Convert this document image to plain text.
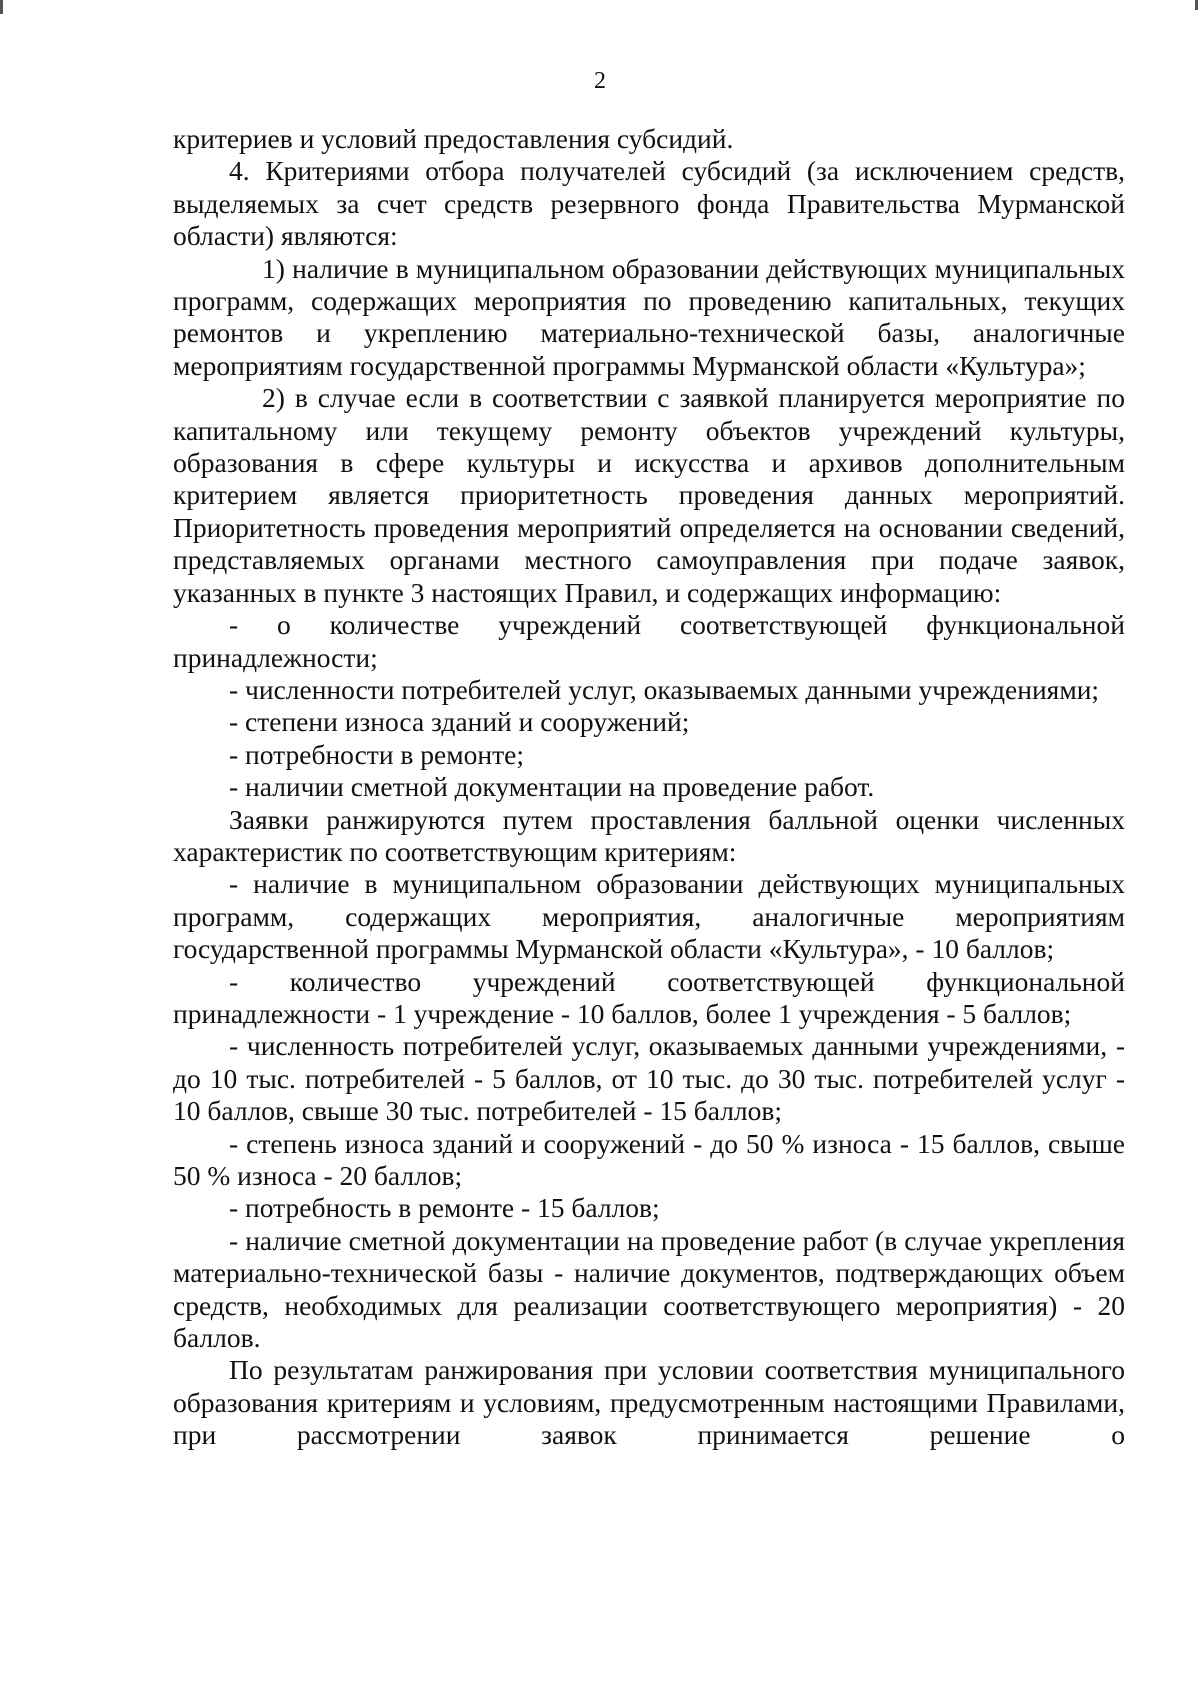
2

критериев и условий предоставления субсидий.

4. Критериями отбора получателей субсидий (за исключением средств, выделяемых за счет средств резервного фонда Правительства Мурманской области) являются:

1) наличие в муниципальном образовании действующих муниципальных программ, содержащих мероприятия по проведению капитальных, текущих ремонтов и укреплению материально-технической базы, аналогичные мероприятиям государственной программы Мурманской области «Культура»;

2) в случае если в соответствии с заявкой планируется мероприятие по капитальному или текущему ремонту объектов учреждений культуры, образования в сфере культуры и искусства и архивов дополнительным критерием является приоритетность проведения данных мероприятий. Приоритетность проведения мероприятий определяется на основании сведений, представляемых органами местного самоуправления при подаче заявок, указанных в пункте 3 настоящих Правил, и содержащих информацию:

- о количестве учреждений соответствующей функциональной принадлежности;

- численности потребителей услуг, оказываемых данными учреждениями;

- степени износа зданий и сооружений;

- потребности в ремонте;

- наличии сметной документации на проведение работ.

Заявки ранжируются путем проставления балльной оценки численных характеристик по соответствующим критериям:

- наличие в муниципальном образовании действующих муниципальных программ, содержащих мероприятия, аналогичные мероприятиям государственной программы Мурманской области «Культура», - 10 баллов;

- количество учреждений соответствующей функциональной принадлежности - 1 учреждение - 10 баллов, более 1 учреждения - 5 баллов;

- численность потребителей услуг, оказываемых данными учреждениями, - до 10 тыс. потребителей - 5 баллов, от 10 тыс. до 30 тыс. потребителей услуг - 10 баллов, свыше 30 тыс. потребителей - 15 баллов;

- степень износа зданий и сооружений - до 50 % износа - 15 баллов, свыше 50 % износа - 20 баллов;

- потребность в ремонте - 15 баллов;

- наличие сметной документации на проведение работ (в случае укрепления материально-технической базы - наличие документов, подтверждающих объем средств, необходимых для реализации соответствующего мероприятия) - 20 баллов.

По результатам ранжирования при условии соответствия муниципального образования критериям и условиям, предусмотренным настоящими Правилами, при рассмотрении заявок принимается решение о
